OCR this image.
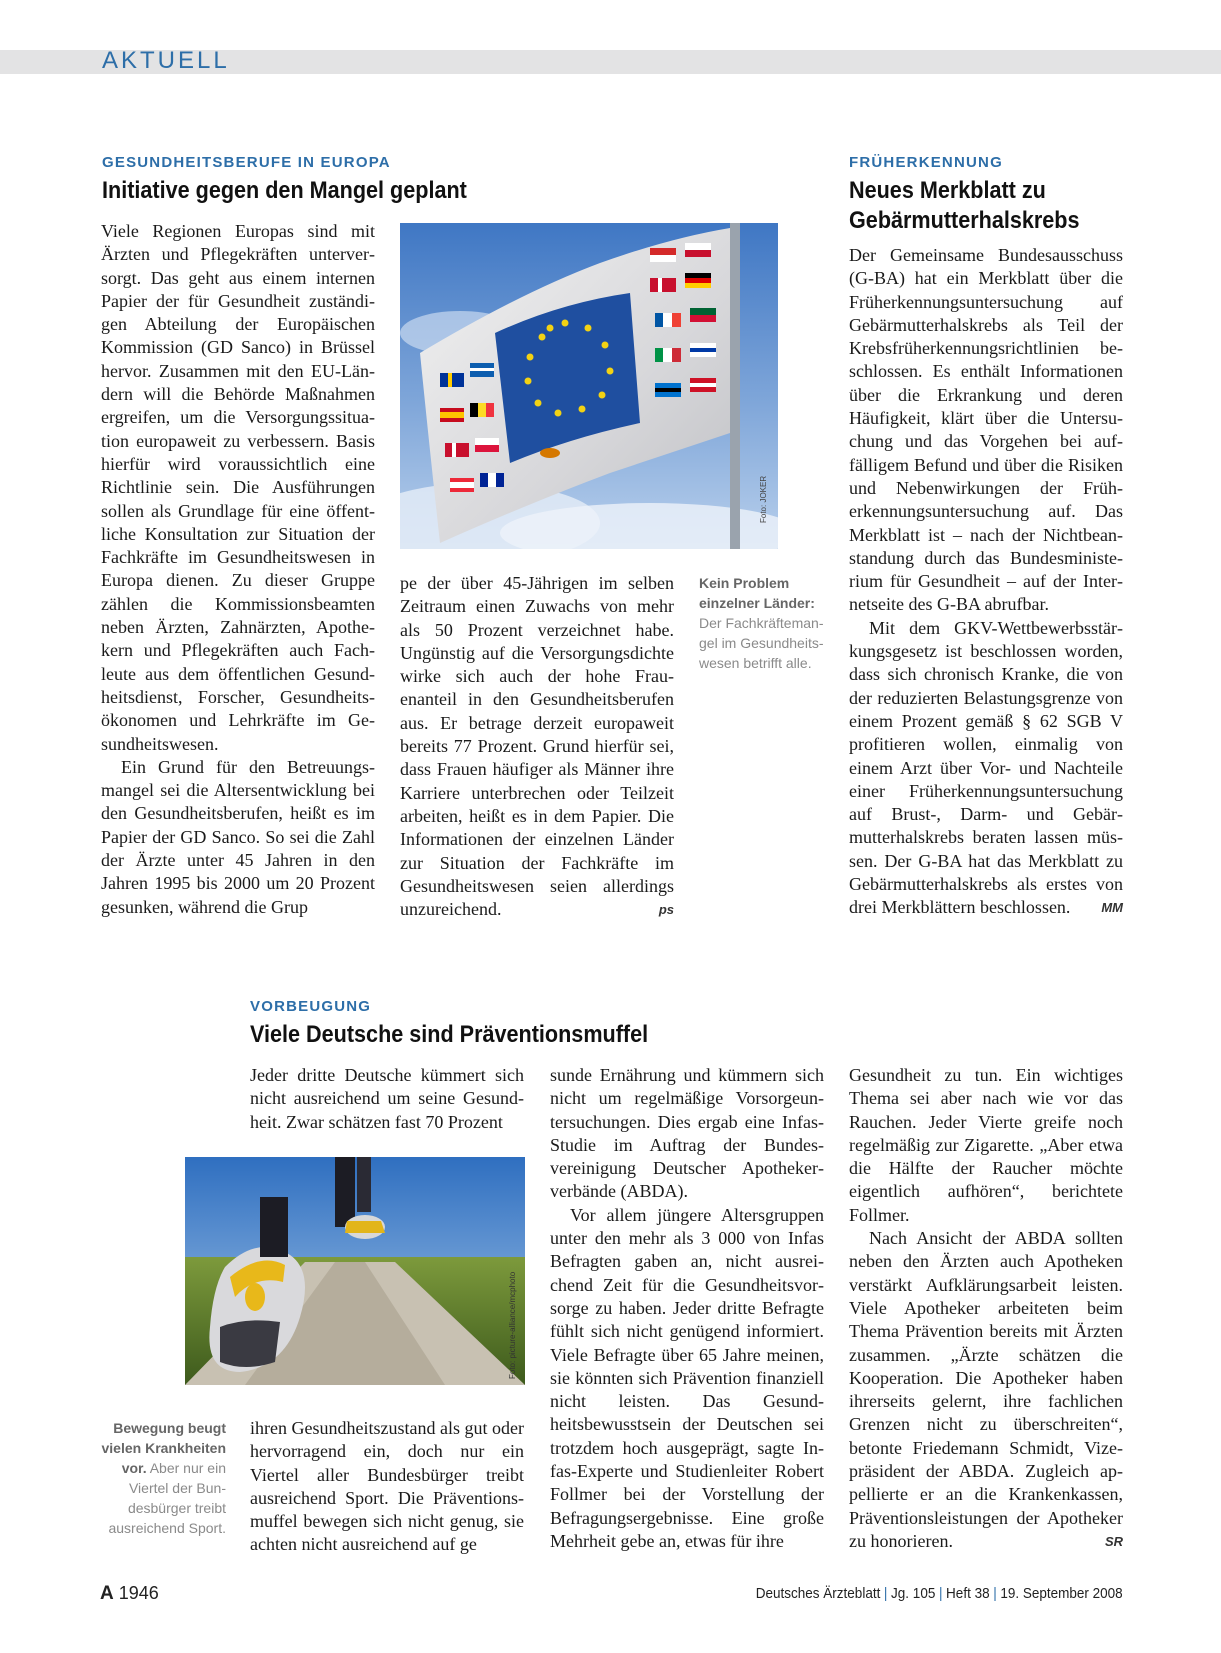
AKTUELL
GESUNDHEITSBERUFE IN EUROPA
Initiative gegen den Mangel geplant

Viele Regionen Europas sind mit Ärzten und Pflegekräften unterversorgt. Das geht aus einem internen Papier der für Gesundheit zuständigen Abteilung der Europäischen Kommission (GD Sanco) in Brüssel hervor. Zusammen mit den EU-Ländern will die Behörde Maßnahmen ergreifen, um die Versorgungssituation europaweit zu verbessern. Basis hierfür wird voraussichtlich eine Richtlinie sein. Die Ausführungen sollen als Grundlage für eine öffentliche Konsultation zur Situation der Fachkräfte im Gesundheitswesen in Europa dienen. Zu dieser Gruppe zählen die Kommissionsbeamten neben Ärzten, Zahnärzten, Apothekern und Pflegekräften auch Fachleute aus dem öffentlichen Gesundheitsdienst, Forscher, Gesundheitsökonomen und Lehrkräfte im Gesundheitswesen.

Ein Grund für den Betreuungsmangel sei die Altersentwicklung bei den Gesundheitsberufen, heißt es im Papier der GD Sanco. So sei die Zahl der Ärzte unter 45 Jahren in den Jahren 1995 bis 2000 um 20 Prozent gesunken, während die Grup

Foto: JOKER

pe der über 45-Jährigen im selben Zeitraum einen Zuwachs von mehr als 50 Prozent verzeichnet habe. Ungünstig auf die Versorgungsdichte wirke sich auch der hohe Frauenanteil in den Gesundheitsberufen aus. Er betrage derzeit europaweit bereits 77 Prozent. Grund hierfür sei, dass Frauen häufiger als Männer ihre Karriere unterbrechen oder Teilzeit arbeiten, heißt es in dem Papier. Die Informationen der einzelnen Länder zur Situation der Fachkräfte im Gesundheitswesen seien allerdings unzureichend.	ps

Kein Problem einzelner Länder: Der Fachkräftemangel im Gesundheitswesen betrifft alle.
FRÜHERKENNUNG
Neues Merkblatt zu Gebärmutterhalskrebs

Der Gemeinsame Bundesausschuss (G-BA) hat ein Merkblatt über die Früherkennungsuntersuchung auf Gebärmutterhalskrebs als Teil der Krebsfrüherkennungsrichtlinien beschlossen. Es enthält Informationen über die Erkrankung und deren Häufigkeit, klärt über die Untersuchung und das Vorgehen bei auffälligem Befund und über die Risiken und Nebenwirkungen der Früherkennungsuntersuchung auf. Das Merkblatt ist – nach der Nichtbeanstandung durch das Bundesministerium für Gesundheit – auf der Internetseite des G-BA abrufbar.

Mit dem GKV-Wettbewerbsstärkungsgesetz ist beschlossen worden, dass sich chronisch Kranke, die von der reduzierten Belastungsgrenze von einem Prozent gemäß § 62 SGB V profitieren wollen, einmalig von einem Arzt über Vor- und Nachteile einer Früherkennungsuntersuchung auf Brust-, Darm- und Gebärmutterhalskrebs beraten lassen müssen. Der G-BA hat das Merkblatt zu Gebärmutterhalskrebs als erstes von drei Merkblättern beschlossen.	MM

VORBEUGUNG
Viele Deutsche sind Präventionsmuffel

Jeder dritte Deutsche kümmert sich nicht ausreichend um seine Gesundheit. Zwar schätzen fast 70 Prozent

Foto: picture-alliance/mcphoto
Bewegung beugt vielen Krankheiten vor. Aber nur ein Viertel der Bundesbürger treibt ausreichend Sport.

ihren Gesundheitszustand als gut oder hervorragend ein, doch nur ein Viertel aller Bundesbürger treibt ausreichend Sport. Die Präventionsmuffel bewegen sich nicht genug, sie achten nicht ausreichend auf ge

sunde Ernährung und kümmern sich nicht um regelmäßige Vorsorgeuntersuchungen. Dies ergab eine Infas-Studie im Auftrag der Bundesvereinigung Deutscher Apothekerverbände (ABDA).

Vor allem jüngere Altersgruppen unter den mehr als 3 000 von Infas Befragten gaben an, nicht ausreichend Zeit für die Gesundheitsvorsorge zu haben. Jeder dritte Befragte fühlt sich nicht genügend informiert. Viele Befragte über 65 Jahre meinen, sie könnten sich Prävention finanziell nicht leisten. Das Gesundheitsbewusstsein der Deutschen sei trotzdem hoch ausgeprägt, sagte Infas-Experte und Studienleiter Robert Follmer bei der Vorstellung der Befragungsergebnisse. Eine große Mehrheit gebe an, etwas für ihre

Gesundheit zu tun. Ein wichtiges Thema sei aber nach wie vor das Rauchen. Jeder Vierte greife noch regelmäßig zur Zigarette. „Aber etwa die Hälfte der Raucher möchte eigentlich aufhören“, berichtete Follmer.

Nach Ansicht der ABDA sollten neben den Ärzten auch Apotheken verstärkt Aufklärungsarbeit leisten. Viele Apotheker arbeiteten beim Thema Prävention bereits mit Ärzten zusammen. „Ärzte schätzen die Kooperation. Die Apotheker haben ihrerseits gelernt, ihre fachlichen Grenzen nicht zu überschreiten“, betonte Friedemann Schmidt, Vizepräsident der ABDA. Zugleich appellierte er an die Krankenkassen, Präventionsleistungen der Apotheker zu honorieren.	SR

A 1946	Deutsches Ärzteblatt | Jg. 105 | Heft 38 | 19. September 2008
